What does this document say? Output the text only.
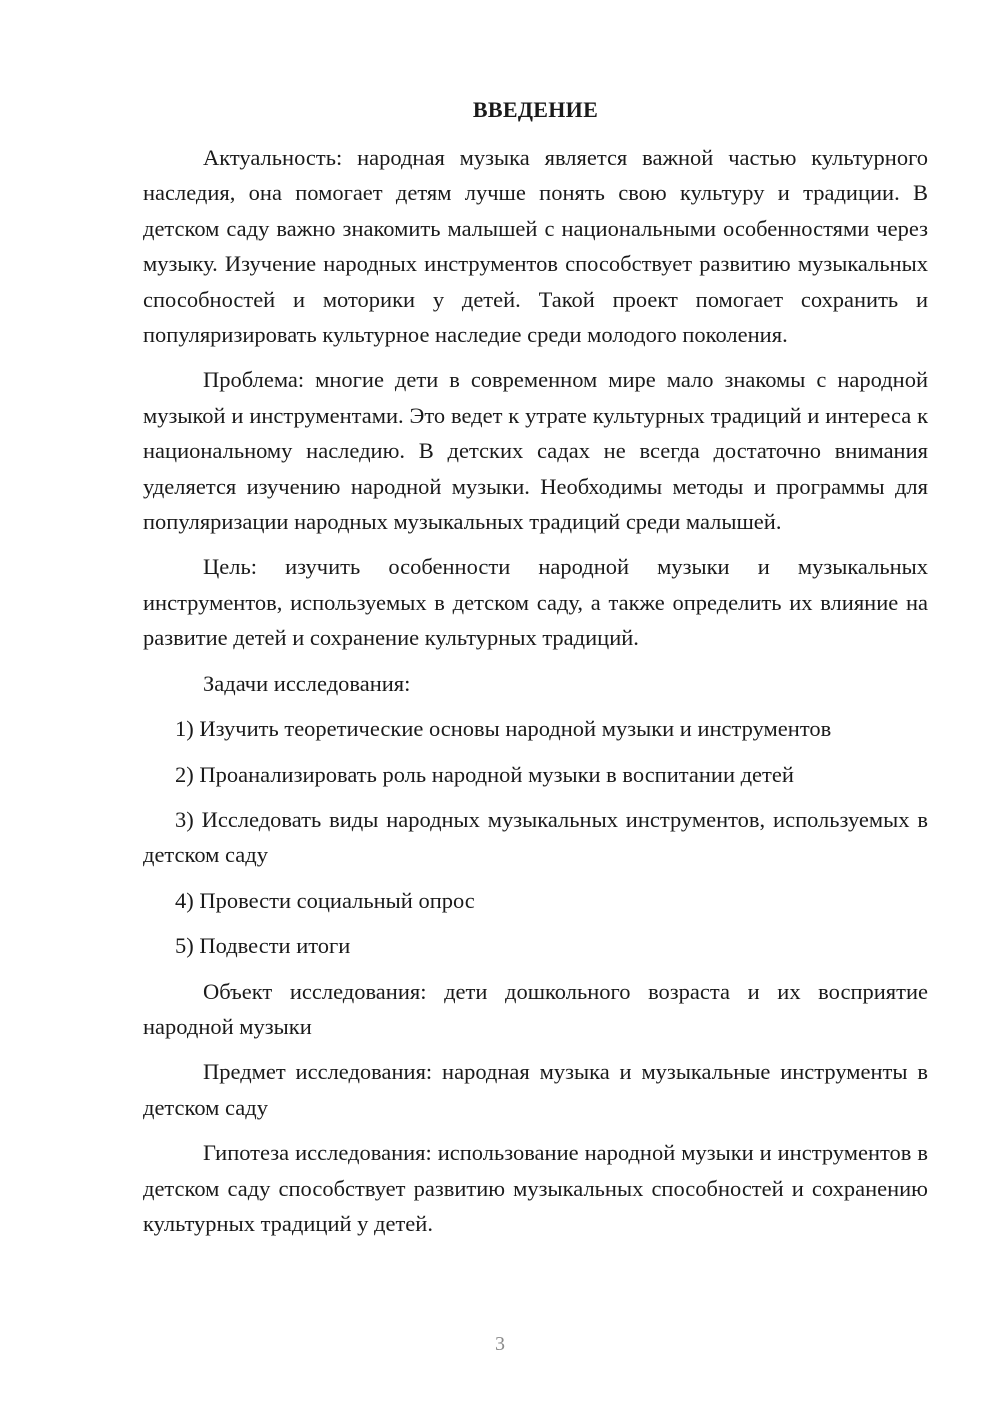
ВВЕДЕНИЕ

Актуальность: народная музыка является важной частью культурного наследия, она помогает детям лучше понять свою культуру и традиции. В детском саду важно знакомить малышей с национальными особенностями через музыку. Изучение народных инструментов способствует развитию музыкальных способностей и моторики у детей. Такой проект помогает сохранить и популяризировать культурное наследие среди молодого поколения.

Проблема: многие дети в современном мире мало знакомы с народной музыкой и инструментами. Это ведет к утрате культурных традиций и интереса к национальному наследию. В детских садах не всегда достаточно внимания уделяется изучению народной музыки. Необходимы методы и программы для популяризации народных музыкальных традиций среди малышей.

Цель: изучить особенности народной музыки и музыкальных инструментов, используемых в детском саду, а также определить их влияние на развитие детей и сохранение культурных традиций.

Задачи исследования:

1) Изучить теоретические основы народной музыки и инструментов

2) Проанализировать роль народной музыки в воспитании детей

3) Исследовать виды народных музыкальных инструментов, используемых в детском саду

4) Провести социальный опрос

5) Подвести итоги

Объект исследования: дети дошкольного возраста и их восприятие народной музыки

Предмет исследования: народная музыка и музыкальные инструменты в детском саду

Гипотеза исследования: использование народной музыки и инструментов в детском саду способствует развитию музыкальных способностей и сохранению культурных традиций у детей.

3
